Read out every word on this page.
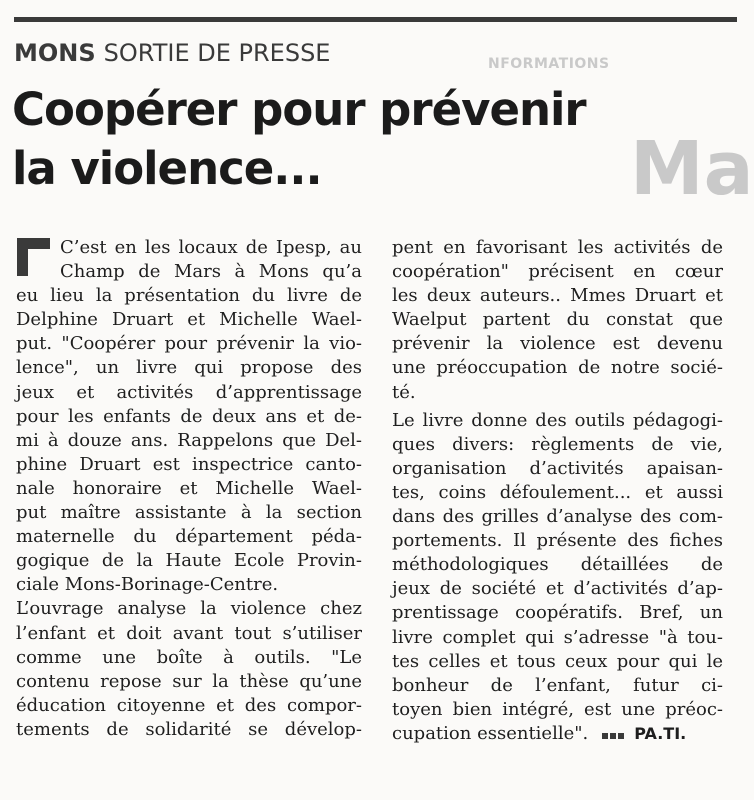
NFORMATIONS
Ma
MONS SORTIE DE PRESSE
Coopérer pour prévenir
la violence...
C’est en les locaux de Ipesp, au
Champ de Mars à Mons qu’a
eu lieu la présentation du livre de
Delphine Druart et Michelle Wael-
put. "Coopérer pour prévenir la vio-
lence", un livre qui propose des
jeux et activités d’apprentissage
pour les enfants de deux ans et de-
mi à douze ans. Rappelons que Del-
phine Druart est inspectrice canto-
nale honoraire et Michelle Wael-
put maître assistante à la section
maternelle du département péda-
gogique de la Haute Ecole Provin-
ciale Mons-Borinage-Centre.
L’ouvrage analyse la violence chez
l’enfant et doit avant tout s’utiliser
comme une boîte à outils. "Le
contenu repose sur la thèse qu’une
éducation citoyenne et des compor-
tements de solidarité se dévelop-
pent en favorisant les activités de
coopération" précisent en cœur
les deux auteurs.. Mmes Druart et
Waelput partent du constat que
prévenir la violence est devenu
une préoccupation de notre socié-
té.
Le livre donne des outils pédagogi-
ques divers: règlements de vie,
organisation d’activités apaisan-
tes, coins défoulement... et aussi
dans des grilles d’analyse des com-
portements. Il présente des fiches
méthodologiques détaillées de
jeux de société et d’activités d’ap-
prentissage coopératifs. Bref, un
livre complet qui s’adresse "à tou-
tes celles et tous ceux pour qui le
bonheur de l’enfant, futur ci-
toyen bien intégré, est une préoc-
cupation essentielle".	PA.TI.
